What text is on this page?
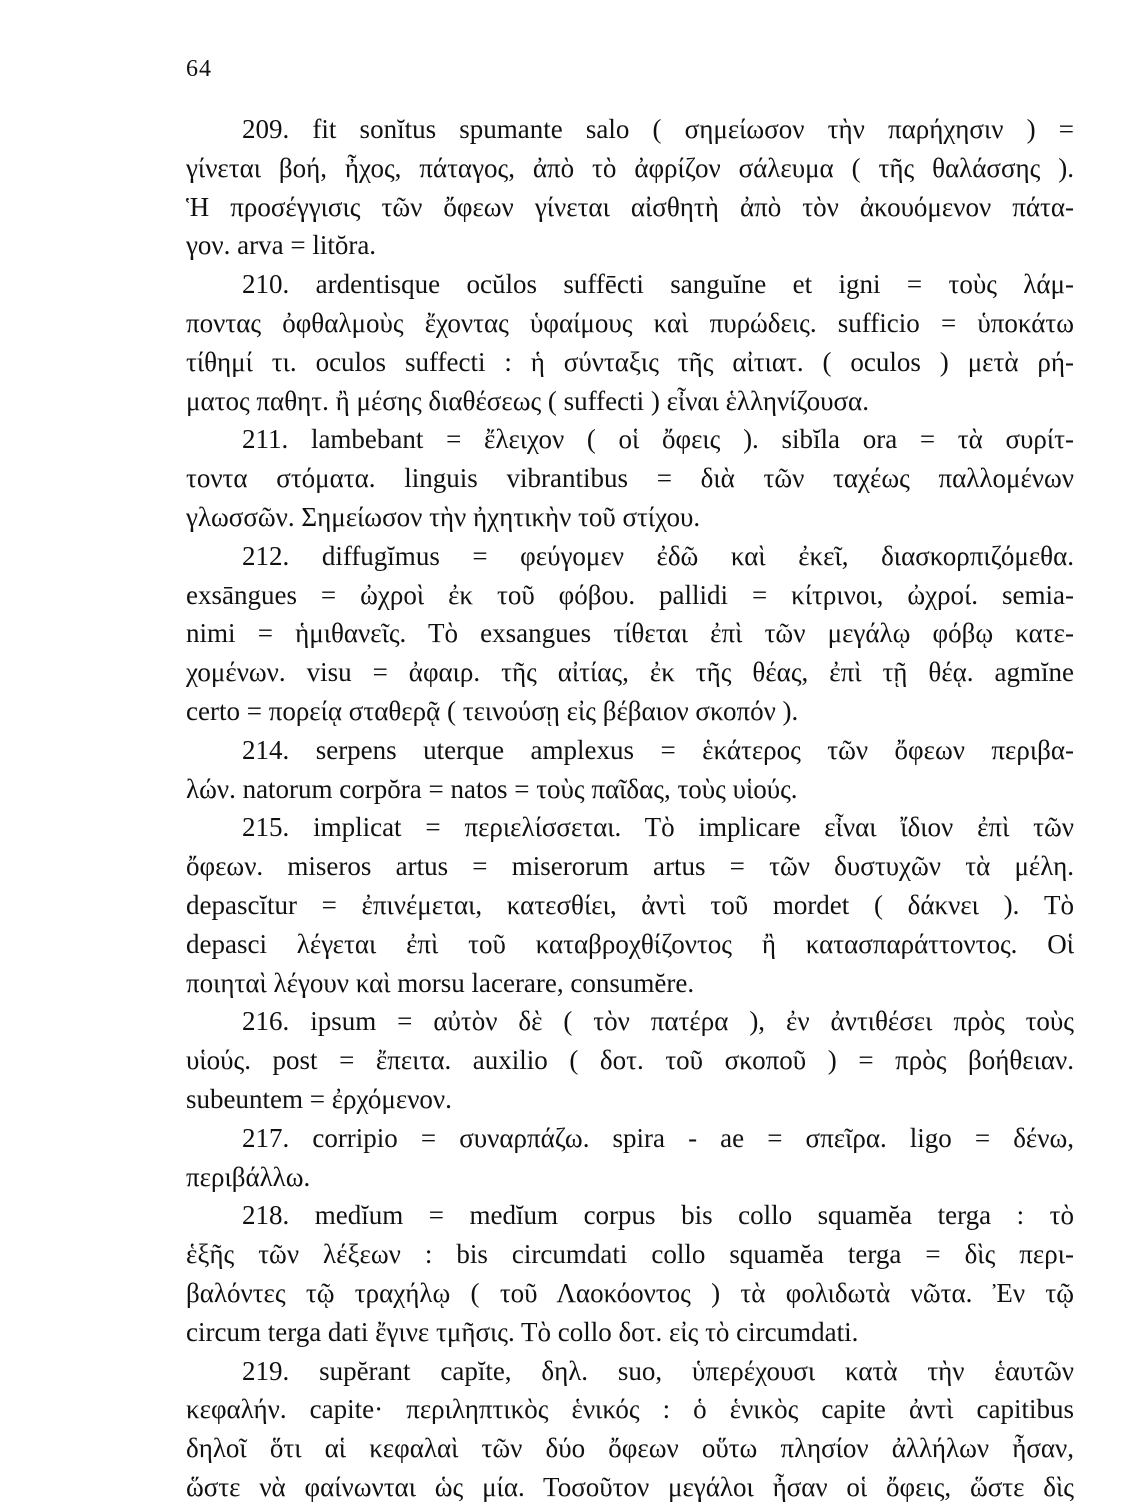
64
209. fit sonĭtus spumante salo ( σημείωσον τὴν παρήχησιν ) =
γίνεται βοή, ἦχος, πάταγος, ἀπὸ τὸ ἀφρίζον σάλευμα ( τῆς θαλάσσης ).
Ἡ προσέγγισις τῶν ὄφεων γίνεται αἰσθητὴ ἀπὸ τὸν ἀκουόμενον πάτα-
γον. arva = litŏra.
210. ardentisque ocŭlos suffēcti sanguĭne et igni = τοὺς λάμ-
ποντας ὀφθαλμοὺς ἔχοντας ὑφαίμους καὶ πυρώδεις. sufficio = ὑποκάτω
τίθημί τι. oculos suffecti : ἡ σύνταξις τῆς αἰτιατ. ( oculos ) μετὰ ρή-
ματος παθητ. ἢ μέσης διαθέσεως ( suffecti ) εἶναι ἑλληνίζουσα.
211. lambebant = ἔλειχον ( οἱ ὄφεις ). sibĭla ora = τὰ συρίτ-
τοντα στόματα. linguis vibrantibus = διὰ τῶν ταχέως παλλομένων
γλωσσῶν. Σημείωσον τὴν ἠχητικὴν τοῦ στίχου.
212. diffugĭmus = φεύγομεν ἐδῶ καὶ ἐκεῖ, διασκορπιζόμεθα.
exsāngues = ὠχροὶ ἐκ τοῦ φόβου. pallidi = κίτρινοι, ὠχροί. semia-
nimi = ἡμιθανεῖς. Τὸ exsangues τίθεται ἐπὶ τῶν μεγάλῳ φόβῳ κατε-
χομένων. visu = ἀφαιρ. τῆς αἰτίας, ἐκ τῆς θέας, ἐπὶ τῇ θέᾳ. agmĭne
certo = πορείᾳ σταθερᾷ ( τεινούσῃ εἰς βέβαιον σκοπόν ).
214. serpens uterque amplexus = ἑκάτερος τῶν ὄφεων περιβα-
λών. natorum corpŏra = natos = τοὺς παῖδας, τοὺς υἱούς.
215. implicat = περιελίσσεται. Τὸ implicare εἶναι ἴδιον ἐπὶ τῶν
ὄφεων. miseros artus = miserorum artus = τῶν δυστυχῶν τὰ μέλη.
depascĭtur = ἐπινέμεται, κατεσθίει, ἀντὶ τοῦ mordet ( δάκνει ). Τὸ
depasci λέγεται ἐπὶ τοῦ καταβροχθίζοντος ἢ κατασπαράττοντος. Οἱ
ποιηταὶ λέγουν καὶ morsu lacerare, consumĕre.
216. ipsum = αὐτὸν δὲ ( τὸν πατέρα ), ἐν ἀντιθέσει πρὸς τοὺς
υἱούς. post = ἔπειτα. auxilio ( δοτ. τοῦ σκοποῦ ) = πρὸς βοήθειαν.
subeuntem = ἐρχόμενον.
217. corripio = συναρπάζω. spira - ae = σπεῖρα. ligo = δένω,
περιβάλλω.
218. medĭum = medĭum corpus bis collo squamĕa terga : τὸ
ἑξῆς τῶν λέξεων : bis circumdati collo squamĕa terga = δὶς περι-
βαλόντες τῷ τραχήλῳ ( τοῦ Λαοκόοντος ) τὰ φολιδωτὰ νῶτα. Ἐν τῷ
circum terga dati ἔγινε τμῆσις. Τὸ collo δοτ. εἰς τὸ circumdati.
219. supĕrant capĭte, δηλ. suo, ὑπερέχουσι κατὰ τὴν ἑαυτῶν
κεφαλήν. capite· περιληπτικὸς ἑνικός : ὁ ἑνικὸς capite ἀντὶ capitibus
δηλοῖ ὅτι αἱ κεφαλαὶ τῶν δύο ὄφεων οὕτω πλησίον ἀλλήλων ἦσαν,
ὥστε νὰ φαίνωνται ὡς μία. Τοσοῦτον μεγάλοι ἦσαν οἱ ὄφεις, ὥστε δὶς
